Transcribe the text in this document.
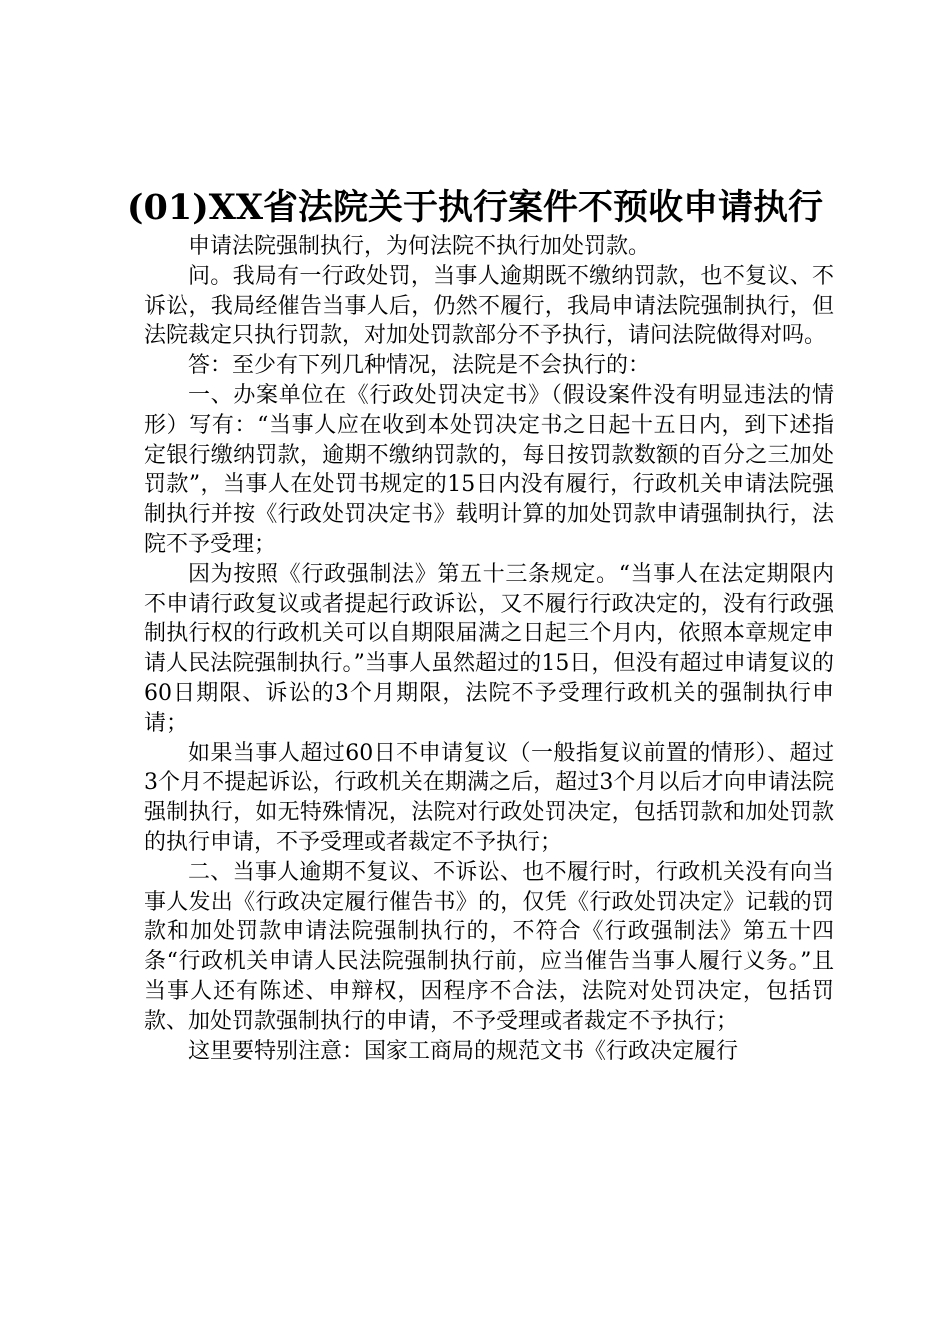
(01)XX省法院关于执行案件不预收申请执行

申请法院强制执行，为何法院不执行加处罚款。

问。我局有一行政处罚，当事人逾期既不缴纳罚款，也不复议、不诉讼，我局经催告当事人后，仍然不履行，我局申请法院强制执行，但法院裁定只执行罚款，对加处罚款部分不予执行，请问法院做得对吗。

答：至少有下列几种情况，法院是不会执行的：

一、办案单位在《行政处罚决定书》（假设案件没有明显违法的情形）写有：“当事人应在收到本处罚决定书之日起十五日内，到下述指定银行缴纳罚款，逾期不缴纳罚款的，每日按罚款数额的百分之三加处罚款”，当事人在处罚书规定的15日内没有履行，行政机关申请法院强制执行并按《行政处罚决定书》载明计算的加处罚款申请强制执行，法院不予受理；

因为按照《行政强制法》第五十三条规定。“当事人在法定期限内不申请行政复议或者提起行政诉讼，又不履行行政决定的，没有行政强制执行权的行政机关可以自期限届满之日起三个月内，依照本章规定申请人民法院强制执行。”当事人虽然超过的15日，但没有超过申请复议的60日期限、诉讼的3个月期限，法院不予受理行政机关的强制执行申请；

如果当事人超过60日不申请复议（一般指复议前置的情形）、超过3个月不提起诉讼，行政机关在期满之后，超过3个月以后才向申请法院强制执行，如无特殊情况，法院对行政处罚决定，包括罚款和加处罚款的执行申请，不予受理或者裁定不予执行；

二、当事人逾期不复议、不诉讼、也不履行时，行政机关没有向当事人发出《行政决定履行催告书》的，仅凭《行政处罚决定》记载的罚款和加处罚款申请法院强制执行的，不符合《行政强制法》第五十四条“行政机关申请人民法院强制执行前，应当催告当事人履行义务。”且当事人还有陈述、申辩权，因程序不合法，法院对处罚决定，包括罚款、加处罚款强制执行的申请，不予受理或者裁定不予执行；

这里要特别注意：国家工商局的规范文书《行政决定履行
